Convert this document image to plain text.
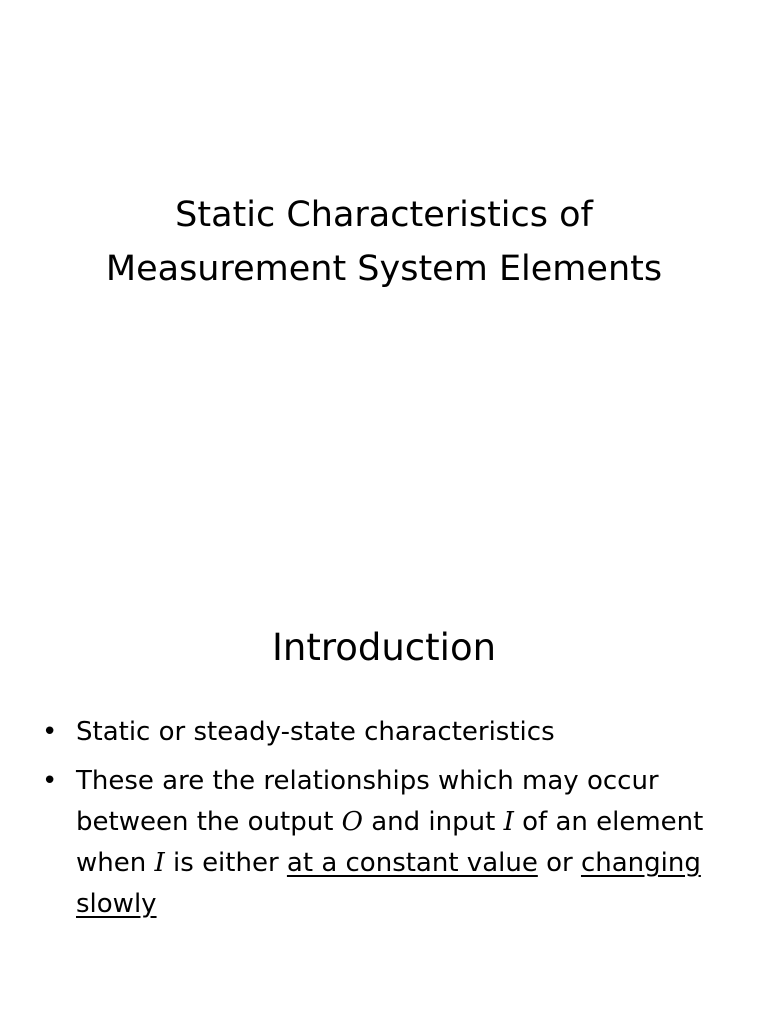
Static Characteristics of
Measurement System Elements
Introduction
• Static or steady-state characteristics
• These are the relationships which may occur between the output O and input I of an element when I is either at a constant value or changing slowly
